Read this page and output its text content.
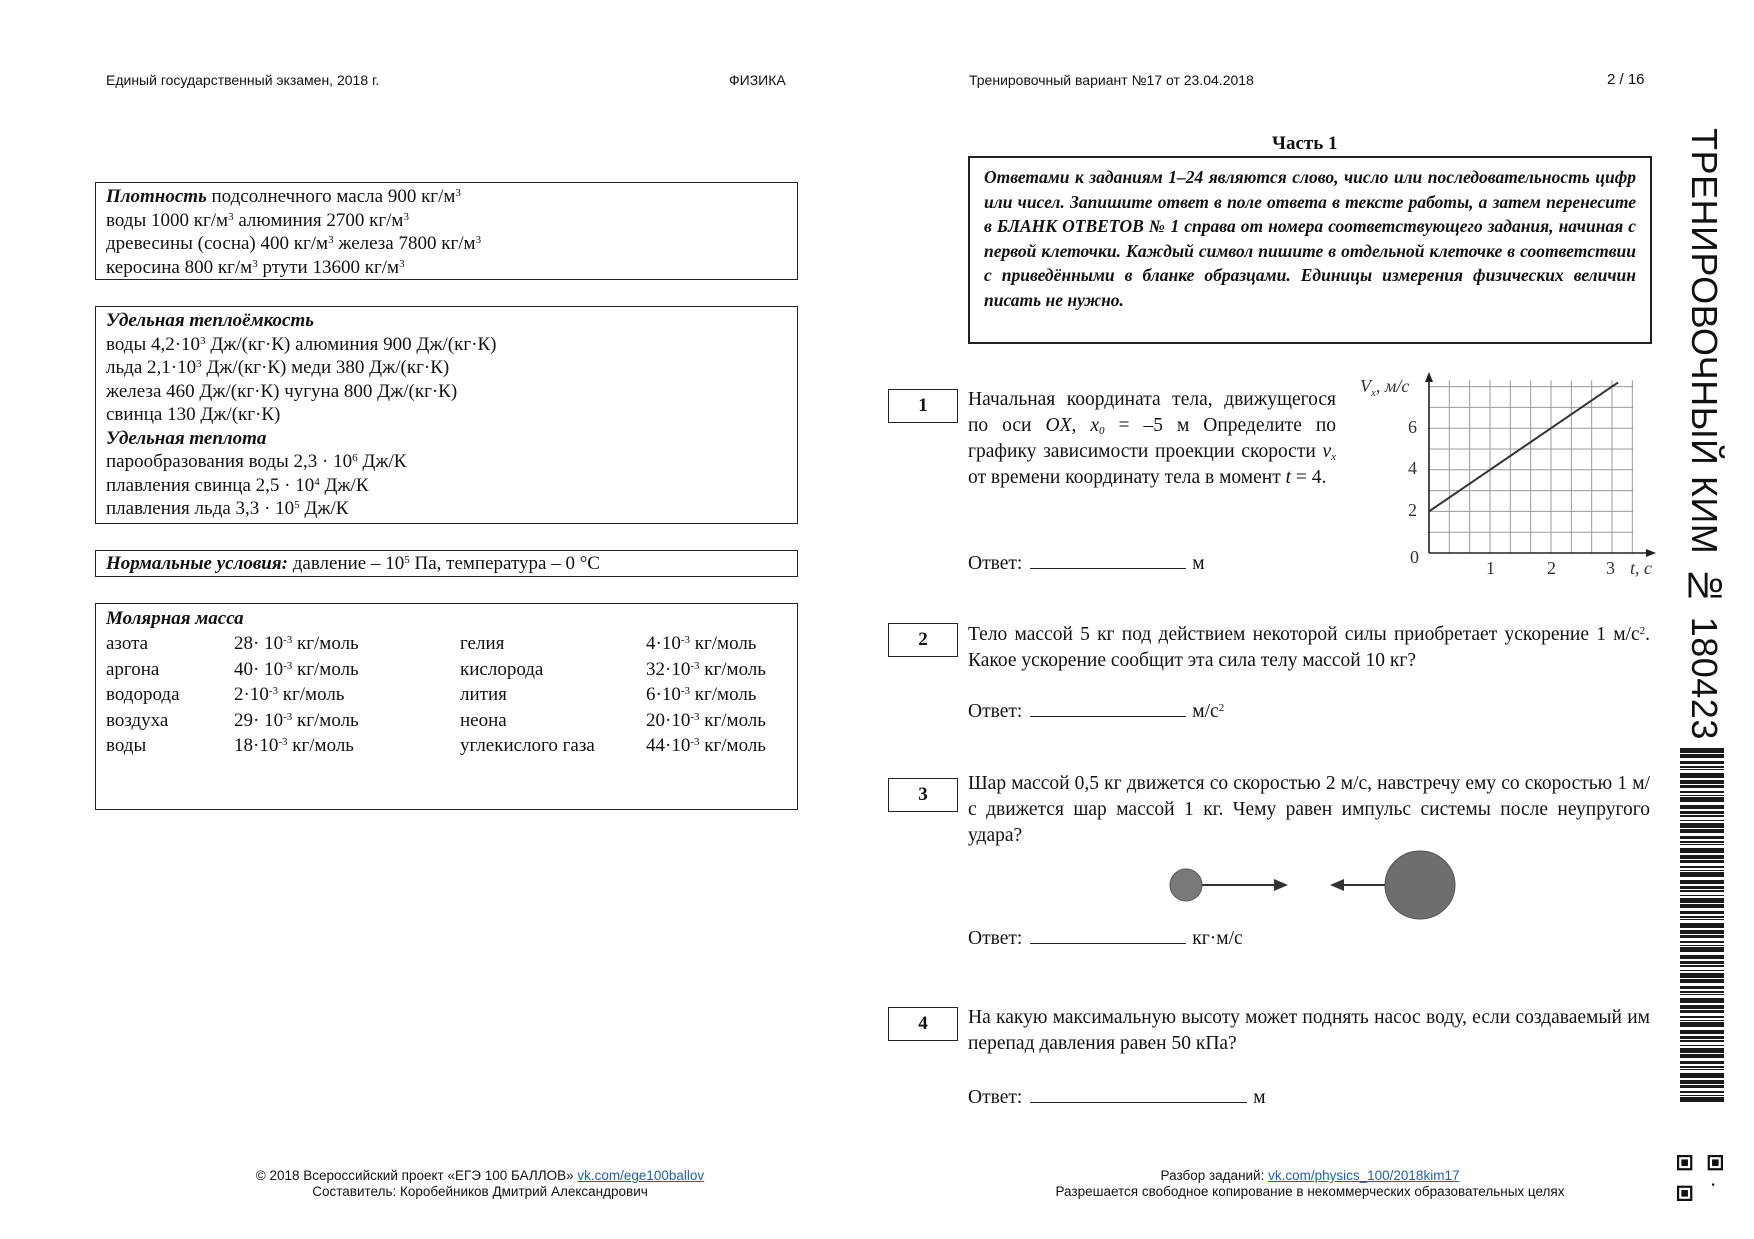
Единый государственный экзамен, 2018 г.	ФИЗИКА	Тренировочный вариант №17 от 23.04.2018	2 / 16
Плотность подсолнечного масла 900 $кг/м^3$
воды 1000 $кг/м^3$ алюминия 2700 $кг/м^3$
древесины (сосна) 400 $кг/м^3$ железа 7800 $кг/м^3$
керосина 800 $кг/м^3$ ртути 13600 $кг/м^3$
Удельная теплоёмкость
воды $4,2\cdot 10^3$ Дж/(кг·К) алюминия 900 Дж/(кг·К)
льда $2,1\cdot 10^3$ Дж/(кг·К) меди 380 Дж/(кг·К)
железа 460 Дж/(кг·К) чугуна 800 Дж/(кг·К)
свинца 130 Дж/(кг·К)
Удельная теплота
парообразования воды $2,3 \cdot 10^6$ Дж/К
плавления свинца $2,5 \cdot 10^4$ Дж/К
плавления льда $3,3 \cdot 10^5$ Дж/К
Нормальные условия: давление – $10^5$ Па, температура – 0 °С
Молярная масса
азота	$28\cdot 10^{-3}$ кг/моль	гелия	$4\cdot 10^{-3}$ кг/моль
аргона	$40\cdot 10^{-3}$ кг/моль	кислорода	$32\cdot 10^{-3}$ кг/моль
водорода	$2\cdot 10^{-3}$ кг/моль	лития	$6\cdot 10^{-3}$ кг/моль
воздуха	$29\cdot 10^{-3}$ кг/моль	неона	$20\cdot 10^{-3}$ кг/моль
воды	$18\cdot 10^{-3}$ кг/моль	углекислого газа	$44\cdot 10^{-3}$ кг/моль
Часть 1
Ответами к заданиям 1–24 являются слово, число или последовательность цифр или чисел. Запишите ответ в поле ответа в тексте работы, а затем перенесите в БЛАНК ОТВЕТОВ № 1 справа от номера соответствующего задания, начиная с первой клеточки. Каждый символ пишите в отдельной клеточке в соответствии с приведёнными в бланке образцами. Единицы измерения физических величин писать не нужно.
1	Начальная координата тела, движущегося по оси OX, $x_0 = -5$ м Определите по графику зависимости проекции скорости $v_x$ от времени координату тела в момент t = 4.
Ответ:	м
$V_x$, м/с
6
4
2
0
1	2	3 t, с
2	Тело массой 5 кг под действием некоторой силы приобретает ускорение 1 $м/с^2$. Какое ускорение сообщит эта сила телу массой 10 кг?
Ответ:	$м/с^2$
3
Шар массой 0,5 кг движется со скоростью 2 м/с, навстречу ему со скоростью 1 м/с движется шар массой 1 кг. Чему равен импульс системы после неупругого удара?
Ответ:	кг·м/с
4	На какую максимальную высоту может поднять насос воду, если создаваемый им перепад давления равен 50 кПа?
Ответ:	м
ТРЕНИРОВОЧНЫЙ КИМ № 180423
© 2018 Всероссийский проект «ЕГЭ 100 БАЛЛОВ» vk.com/ege100ballov
Составитель: Коробейников Дмитрий Александрович
Разбор заданий: vk.com/physics_100/2018kim17
Разрешается свободное копирование в некоммерческих образовательных целях
